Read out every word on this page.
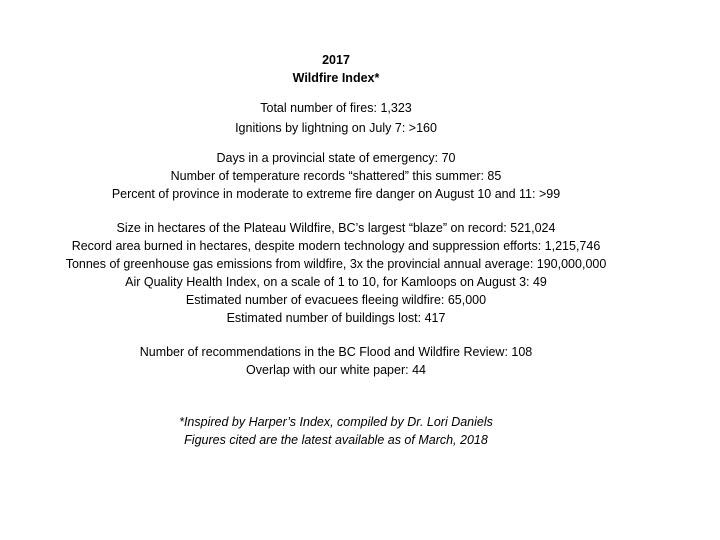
2017
Wildfire Index*
Total number of fires: 1,323
Ignitions by lightning on July 7: >160
Days in a provincial state of emergency: 70
Number of temperature records “shattered” this summer: 85
Percent of province in moderate to extreme fire danger on August 10 and 11: >99
Size in hectares of the Plateau Wildfire, BC’s largest “blaze” on record: 521,024
Record area burned in hectares, despite modern technology and suppression efforts: 1,215,746
Tonnes of greenhouse gas emissions from wildfire, 3x the provincial annual average: 190,000,000
Air Quality Health Index, on a scale of 1 to 10, for Kamloops on August 3: 49
Estimated number of evacuees fleeing wildfire: 65,000
Estimated number of buildings lost: 417
Number of recommendations in the BC Flood and Wildfire Review: 108
Overlap with our white paper: 44
*Inspired by Harper’s Index, compiled by Dr. Lori Daniels
Figures cited are the latest available as of March, 2018
